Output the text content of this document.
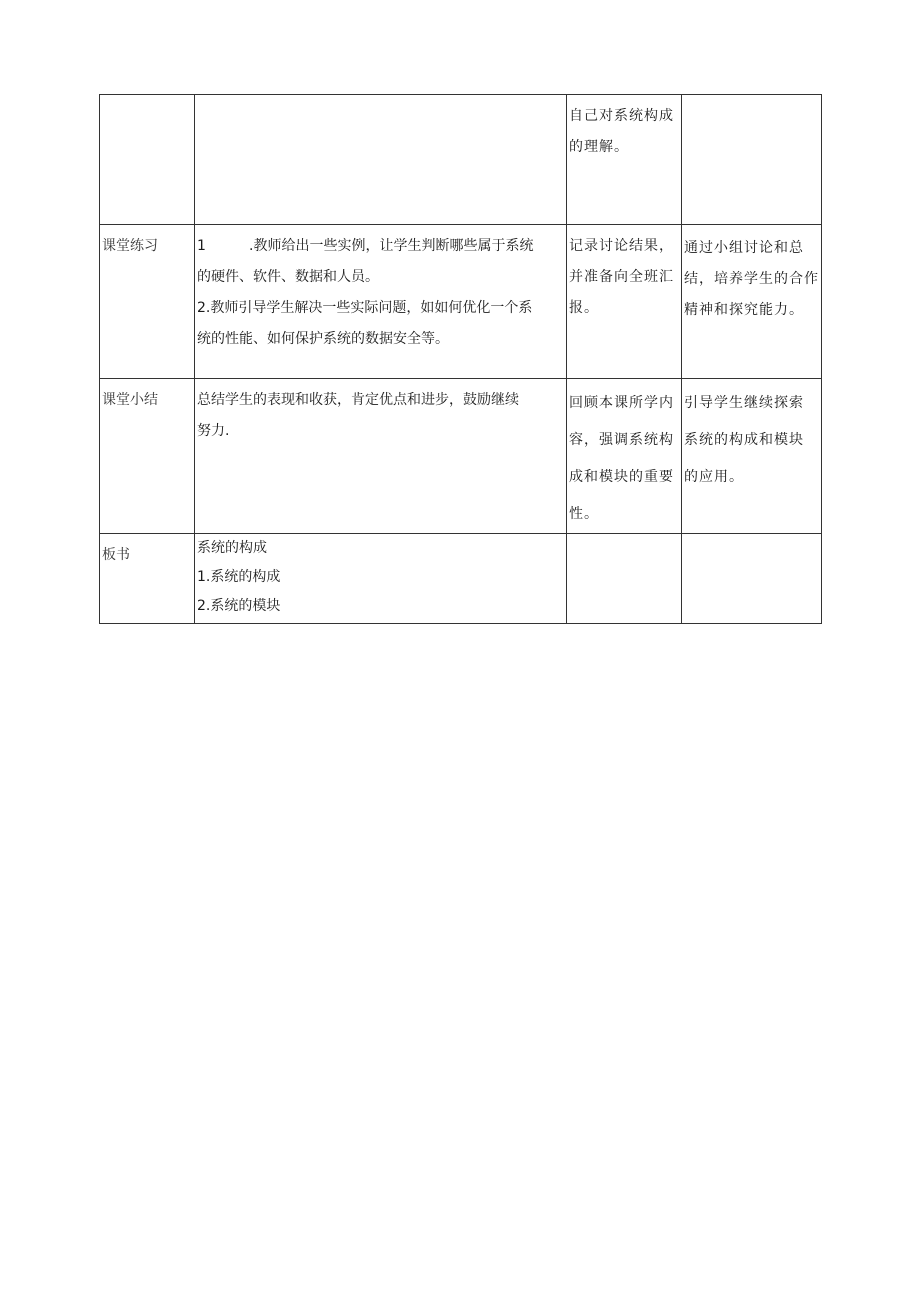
		自己对系统构成
的理解。	

课堂练习	1 .教师给出一些实例，让学生判断哪些属于系统
的硬件、软件、数据和人员。
2.教师引导学生解决一些实际问题，如如何优化一个系
统的性能、如何保护系统的数据安全等。	记录讨论结果，
并准备向全班汇
报。	通过小组讨论和总
结，培养学生的合作
精神和探究能力。

课堂小结	总结学生的表现和收获，肯定优点和进步，鼓励继续
努力.	回顾本课所学内
容，强调系统构
成和模块的重要
性。	引导学生继续探索
系统的构成和模块
的应用。

板书	系统的构成
1.系统的构成
2.系统的模块		
